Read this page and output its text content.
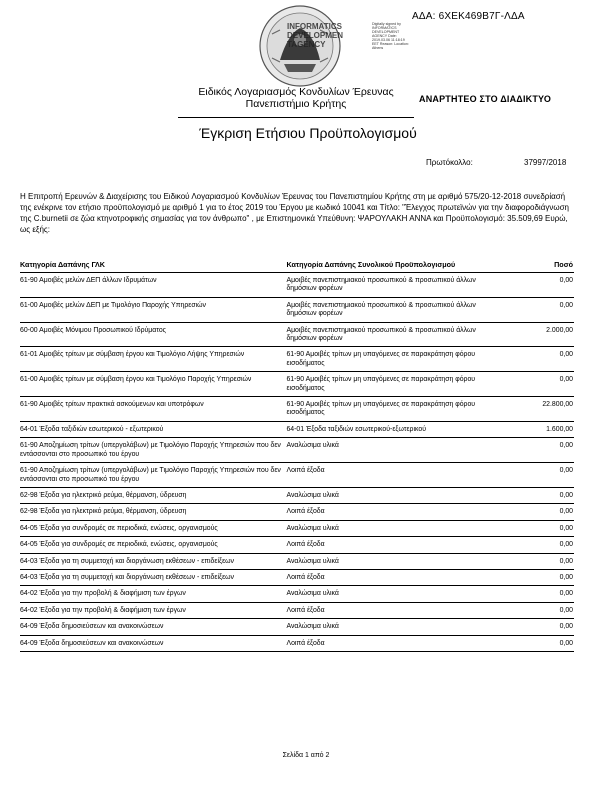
ΑΔΑ: 6ΧΕΚ469Β7Γ-ΛΔΑ
INFORMATICS DEVELOPMEN TAGENCY
Digitally signed by INFORMATICS DEVELOPMENT AGENCY Date: 2019.03.06 11:18:19 EET Reason: Location: Athens
Ειδικός Λογαριασμός Κονδυλίων Έρευνας
Πανεπιστήμιο Κρήτης	ΑΝΑΡΤΗΤΕΟ ΣΤΟ ΔΙΑΔΙΚΤΥΟ
Έγκριση Ετήσιου Προϋπολογισμού
Πρωτόκολλο:	37997/2018
Η Επιτροπή Ερευνών & Διαχείρισης του Ειδικού Λογαριασμού Κονδυλίων Έρευνας του Πανεπιστημίου Κρήτης στη με αριθμό 575/20-12-2018 συνεδρίασή της ενέκρινε τον ετήσιο προϋπολογισμό με αριθμό 1 για το έτος 2019 του Έργου με κωδικό 10041 και Τίτλο: "Έλεγχος πρωτεϊνών για την διαφοροδιάγνωση της C.burnetii σε ζώα κτηνοτροφικής σημασίας για τον άνθρωπο" , με Επιστημονικά Υπεύθυνη: ΨΑΡΟΥΛΑΚΗ ΑΝΝΑ και Προϋπολογισμό: 35.509,69 Ευρώ, ως εξής:
Κατηγορία Δαπάνης ΓΛΚ	Κατηγορία Δαπάνης Συνολικού Προϋπολογισμού	Ποσό
61-90 Αμοιβές μελών ΔΕΠ άλλων Ιδρυμάτων	Αμοιβές πανεπιστημιακού προσωπικού & προσωπικού άλλων δημόσιων φορέων	0,00
61-00 Αμοιβές μελών ΔΕΠ με Τιμολόγιο Παροχής Υπηρεσιών	Αμοιβές πανεπιστημιακού προσωπικού & προσωπικού άλλων δημόσιων φορέων	0,00
60-00 Αμοιβές Μόνιμου Προσωπικού Ιδρύματος	Αμοιβές πανεπιστημιακού προσωπικού & προσωπικού άλλων δημόσιων φορέων	2.000,00
61-01 Αμοιβές τρίτων με σύμβαση έργου και Τιμολόγιο Λήψης Υπηρεσιών	61-90 Αμοιβές τρίτων μη υπαγόμενες σε παρακράτηση φόρου εισοδήματος	0,00
61-00 Αμοιβές τρίτων με σύμβαση έργου και Τιμολόγιο Παροχής Υπηρεσιών	61-90 Αμοιβές τρίτων μη υπαγόμενες σε παρακράτηση φόρου εισοδήματος	0,00
61-90 Αμοιβές τρίτων πρακτικά ασκούμενων και υποτρόφων	61-90 Αμοιβές τρίτων μη υπαγόμενες σε παρακράτηση φόρου εισοδήματος	22.800,00
64-01 Έξοδα ταξιδιών εσωτερικού - εξωτερικού	64-01 Έξοδα ταξιδιών εσωτερικού-εξωτερικού	1.600,00
61-90 Αποζημίωση τρίτων (υπεργολάβων) με Τιμολόγιο Παροχής Υπηρεσιών που δεν εντάσσονται στο προσωπικό του έργου	Αναλώσιμα υλικά	0,00
61-90 Αποζημίωση τρίτων (υπεργολάβων) με Τιμολόγιο Παροχής Υπηρεσιών που δεν εντάσσονται στο προσωπικό του έργου	Λοιπά έξοδα	0,00
62-98 Έξοδα για ηλεκτρικό ρεύμα, θέρμανση, ύδρευση	Αναλώσιμα υλικά	0,00
62-98 Έξοδα για ηλεκτρικό ρεύμα, θέρμανση, ύδρευση	Λοιπά έξοδα	0,00
64-05 Έξοδα για συνδρομές σε περιοδικά, ενώσεις, οργανισμούς	Αναλώσιμα υλικά	0,00
64-05 Έξοδα για συνδρομές σε περιοδικά, ενώσεις, οργανισμούς	Λοιπά έξοδα	0,00
64-03 Έξοδα για τη συμμετοχή και διοργάνωση εκθέσεων - επιδείξεων	Αναλώσιμα υλικά	0,00
64-03 Έξοδα για τη συμμετοχή και διοργάνωση εκθέσεων - επιδείξεων	Λοιπά έξοδα	0,00
64-02 Έξοδα για την προβολή & διαφήμιση των έργων	Αναλώσιμα υλικά	0,00
64-02 Έξοδα για την προβολή & διαφήμιση των έργων	Λοιπά έξοδα	0,00
64-09 Έξοδα δημοσιεύσεων και ανακοινώσεων	Αναλώσιμα υλικά	0,00
64-09 Έξοδα δημοσιεύσεων και ανακοινώσεων	Λοιπά έξοδα	0,00
Σελίδα 1 από 2
